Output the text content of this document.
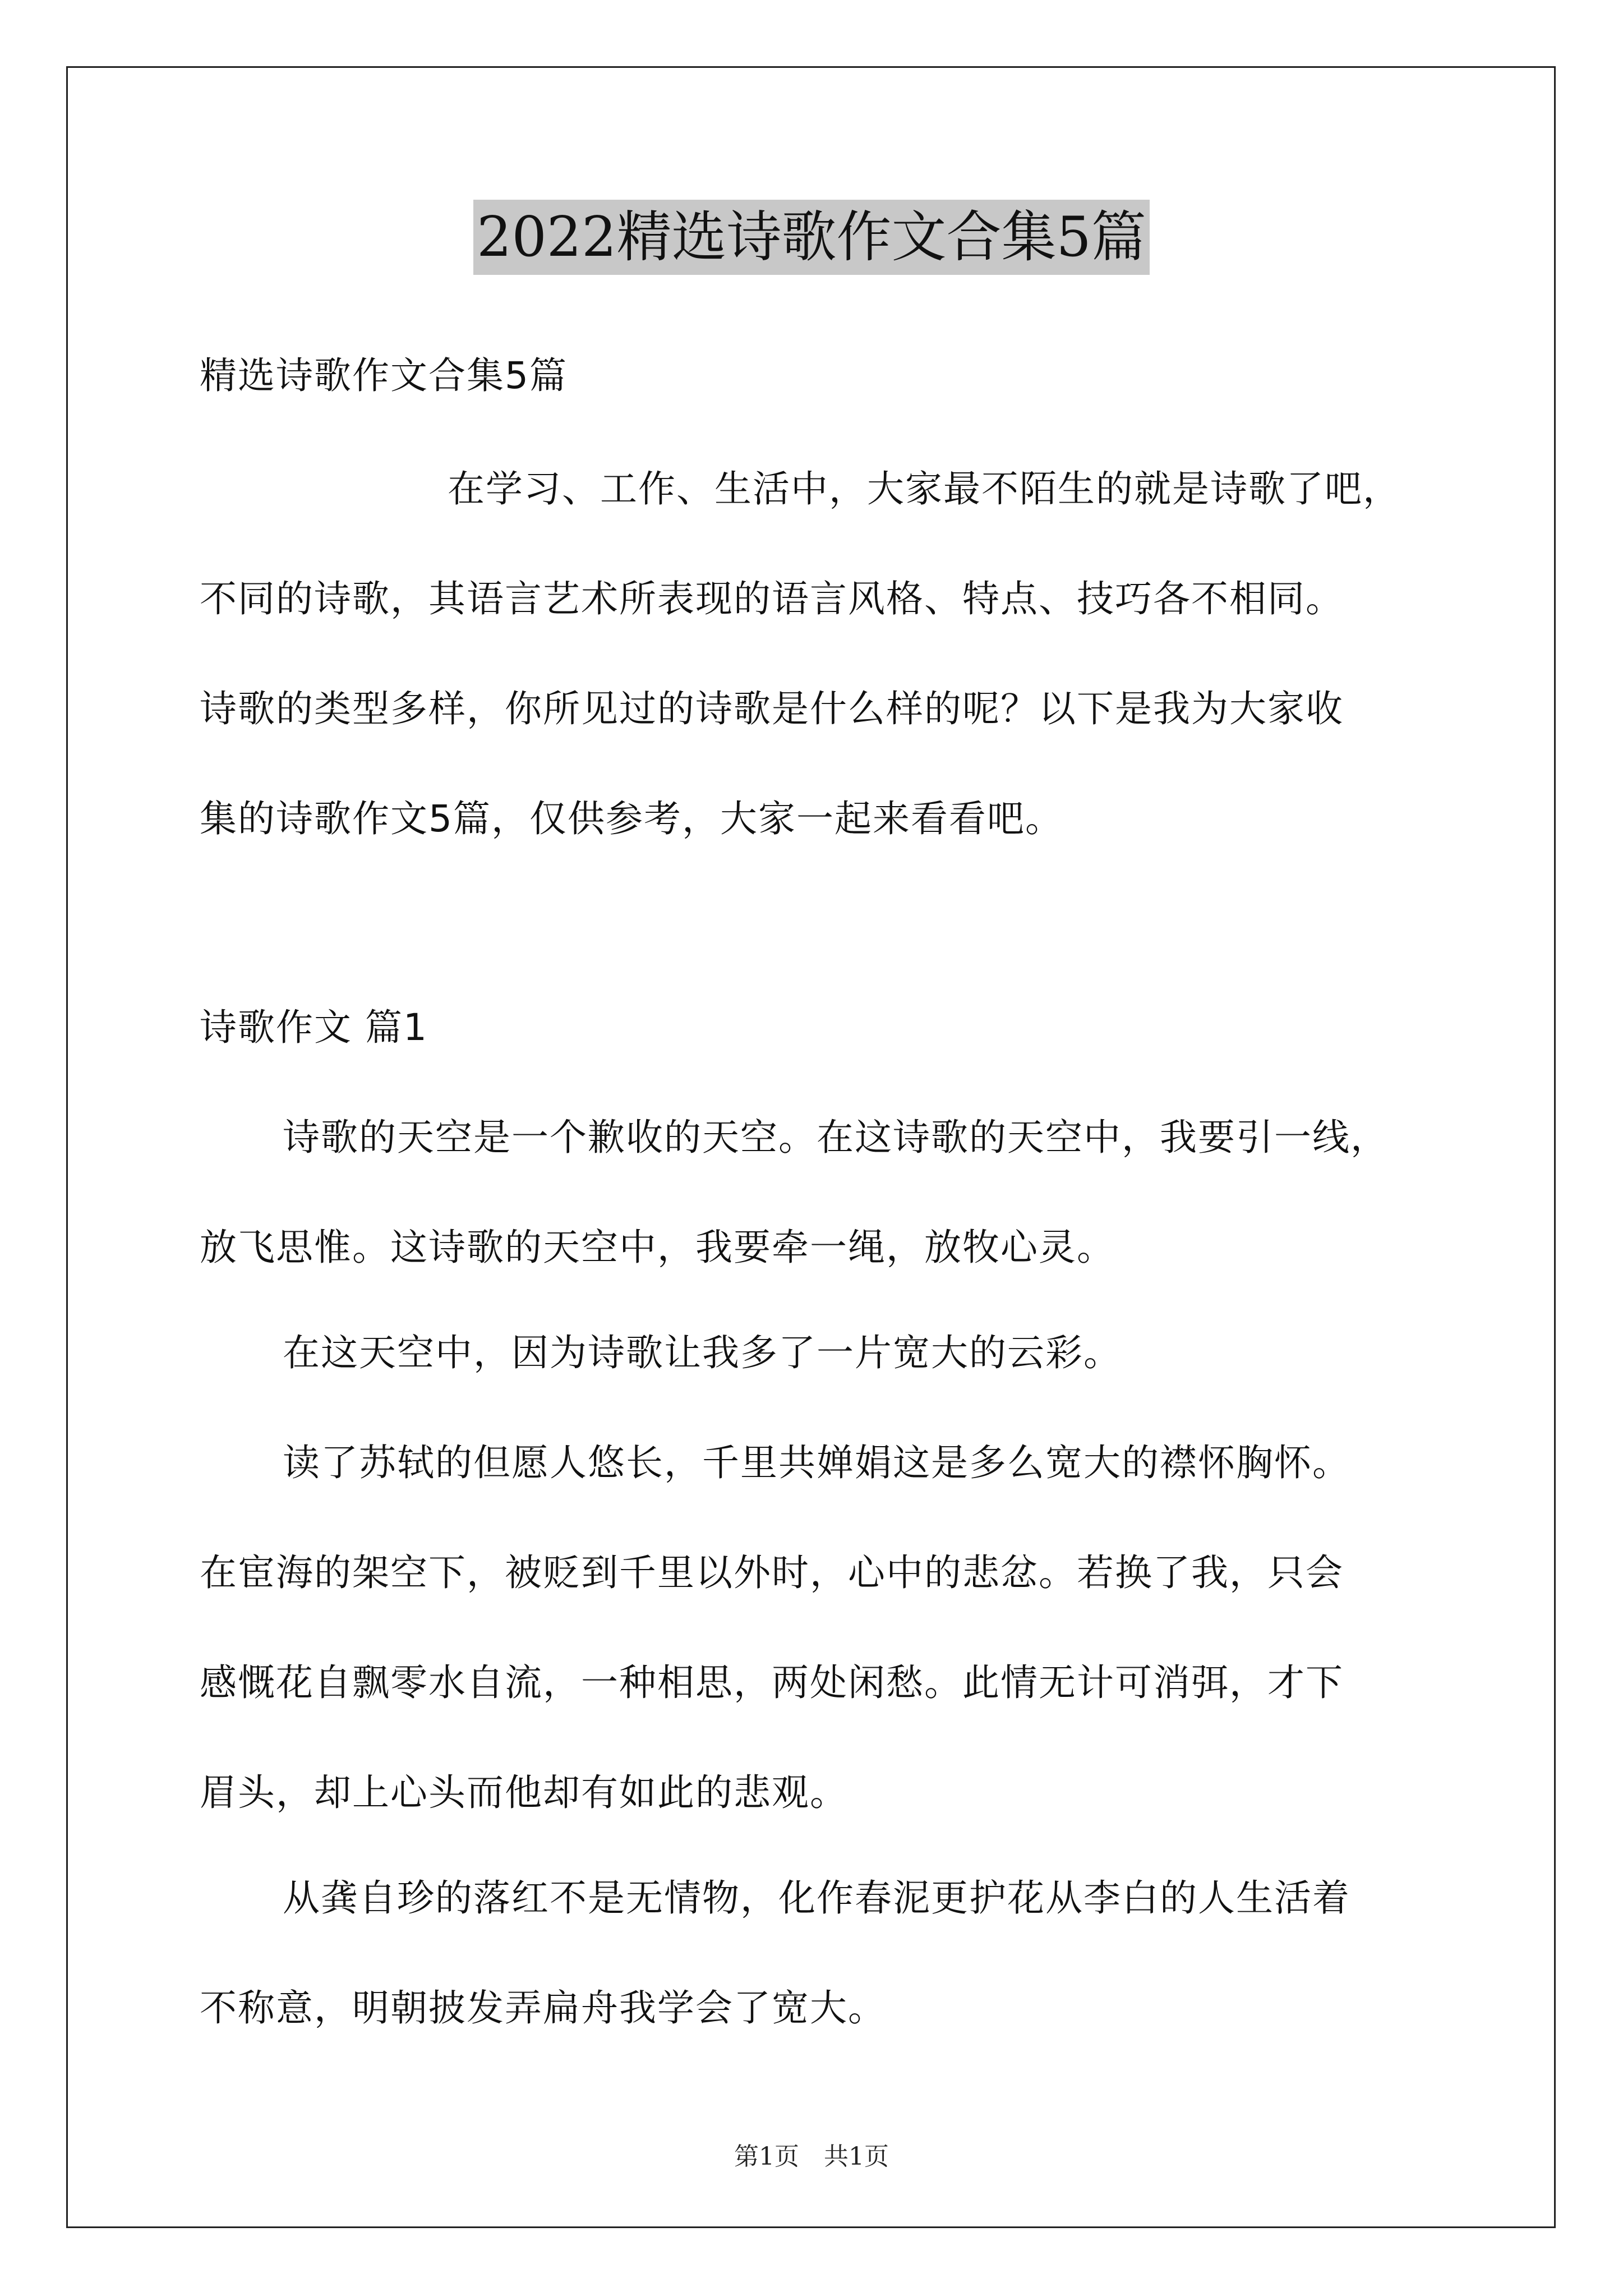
2022精选诗歌作文合集5篇
精选诗歌作文合集5篇
在学习、工作、生活中，大家最不陌生的就是诗歌了吧，
不同的诗歌，其语言艺术所表现的语言风格、特点、技巧各不相同。
诗歌的类型多样，你所见过的诗歌是什么样的呢？以下是我为大家收
集的诗歌作文5篇，仅供参考，大家一起来看看吧。
诗歌作文 篇1
诗歌的天空是一个歉收的天空。在这诗歌的天空中，我要引一线，
放飞思惟。这诗歌的天空中，我要牵一绳，放牧心灵。
在这天空中，因为诗歌让我多了一片宽大的云彩。
读了苏轼的但愿人悠长，千里共婵娟这是多么宽大的襟怀胸怀。
在宦海的架空下，被贬到千里以外时，心中的悲忿。若换了我，只会
感慨花自飘零水自流，一种相思，两处闲愁。此情无计可消弭，才下
眉头，却上心头而他却有如此的悲观。
从龚自珍的落红不是无情物，化作春泥更护花从李白的人生活着
不称意，明朝披发弄扁舟我学会了宽大。
第1页　共1页
